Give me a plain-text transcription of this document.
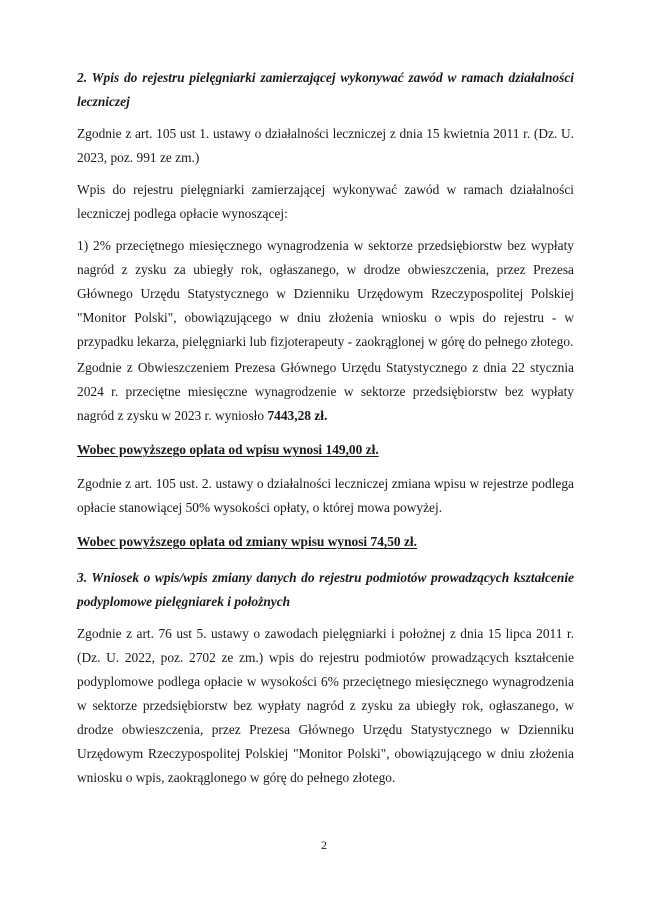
2. Wpis do rejestru pielęgniarki zamierzającej wykonywać zawód w ramach działalności leczniczej
Zgodnie z art. 105 ust 1. ustawy o działalności leczniczej z dnia 15 kwietnia 2011 r. (Dz. U. 2023, poz. 991 ze zm.)
Wpis do rejestru pielęgniarki zamierzającej wykonywać zawód w ramach działalności leczniczej podlega opłacie wynoszącej:
1) 2% przeciętnego miesięcznego wynagrodzenia w sektorze przedsiębiorstw bez wypłaty nagród z zysku za ubiegły rok, ogłaszanego, w drodze obwieszczenia, przez Prezesa Głównego Urzędu Statystycznego w Dzienniku Urzędowym Rzeczypospolitej Polskiej "Monitor Polski", obowiązującego w dniu złożenia wniosku o wpis do rejestru - w przypadku lekarza, pielęgniarki lub fizjoterapeuty - zaokrąglonej w górę do pełnego złotego.
Zgodnie z Obwieszczeniem Prezesa Głównego Urzędu Statystycznego z dnia 22 stycznia 2024 r. przeciętne miesięczne wynagrodzenie w sektorze przedsiębiorstw bez wypłaty nagród z zysku w 2023 r. wyniosło 7443,28 zł.
Wobec powyższego opłata od wpisu wynosi 149,00 zł.
Zgodnie z art. 105 ust. 2. ustawy o działalności leczniczej zmiana wpisu w rejestrze podlega opłacie stanowiącej 50% wysokości opłaty, o której mowa powyżej.
Wobec powyższego opłata od zmiany wpisu wynosi 74,50 zł.
3. Wniosek o wpis/wpis zmiany danych do rejestru podmiotów prowadzących kształcenie podyplomowe pielęgniarek i położnych
Zgodnie z art. 76 ust 5. ustawy o zawodach pielęgniarki i położnej z dnia 15 lipca 2011 r. (Dz. U. 2022, poz. 2702 ze zm.) wpis do rejestru podmiotów prowadzących kształcenie podyplomowe podlega opłacie w wysokości 6% przeciętnego miesięcznego wynagrodzenia w sektorze przedsiębiorstw bez wypłaty nagród z zysku za ubiegły rok, ogłaszanego, w drodze obwieszczenia, przez Prezesa Głównego Urzędu Statystycznego w Dzienniku Urzędowym Rzeczypospolitej Polskiej "Monitor Polski", obowiązującego w dniu złożenia wniosku o wpis, zaokrąglonego w górę do pełnego złotego.
2
